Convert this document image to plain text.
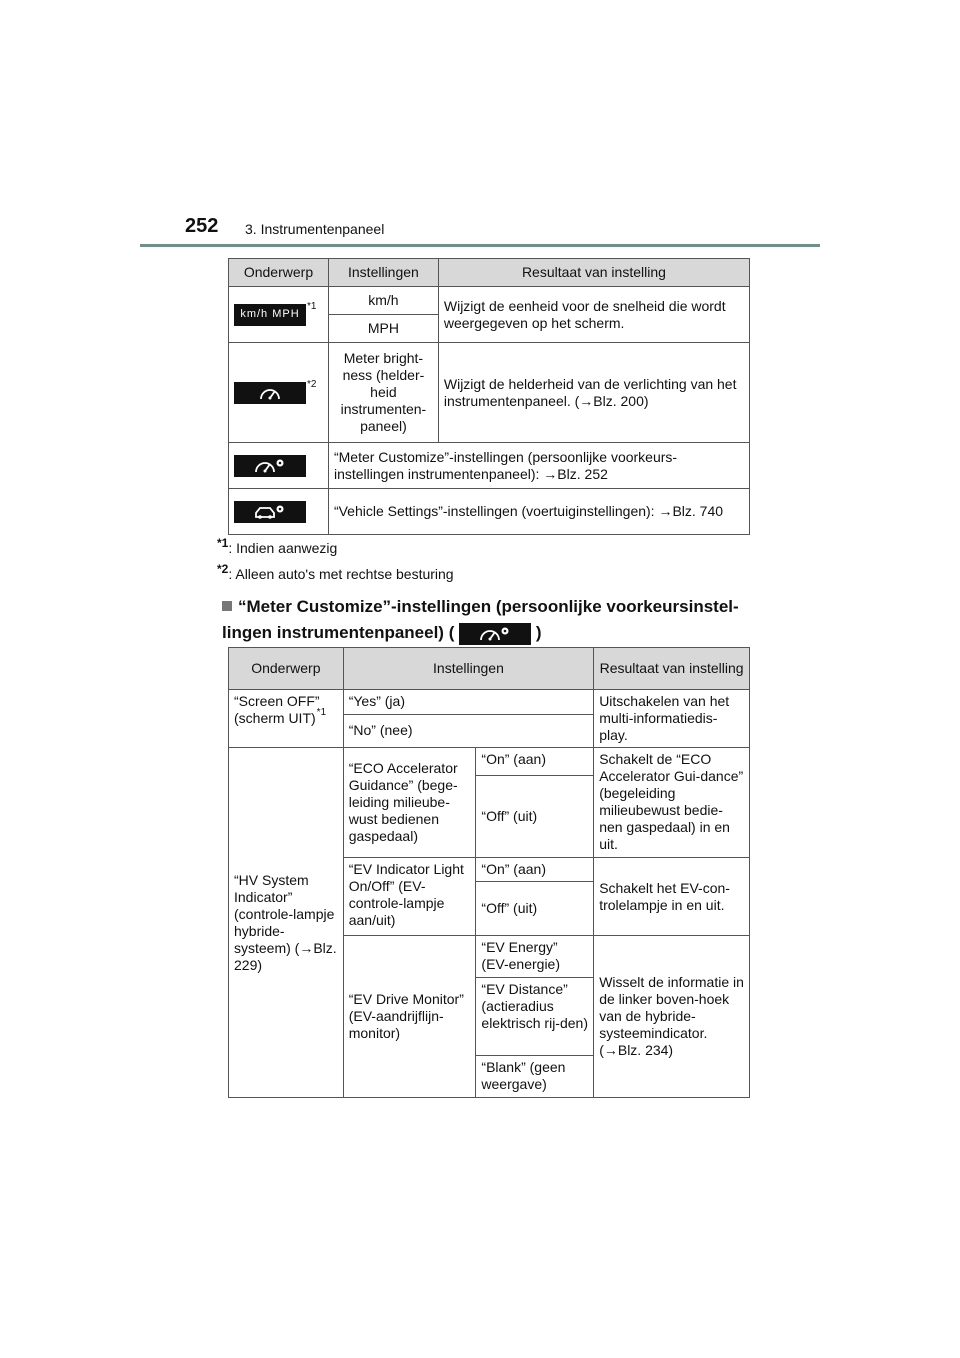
252 3. Instrumentenpaneel
Onderwerp	Instellingen	Resultaat van instelling

km/h MPH
$^{*1}$	km/h	Wijzigt de eenheid voor de snelheid die wordt weergegeven op het scherm.
	MPH	

$^{*2}$	Meter bright-ness (helder-heid instrumenten-paneel)	Wijzigt de helderheid van de verlichting van het instrumentenpaneel. (→Blz. 200)

	“Meter Customize”-instellingen (persoonlijke voorkeurs-instellingen instrumentenpaneel): →Blz. 252	

	“Vehicle Settings”-instellingen (voertuiginstellingen): →Blz. 740	
*1: Indien aanwezig
*2: Alleen auto's met rechtse besturing
“Meter Customize”-instellingen (persoonlijke voorkeursinstel-lingen instrumentenpaneel) (	)
Onderwerp	Instellingen		Resultaat van instelling
“Screen OFF” (scherm UIT)$^{*1}$	“Yes” (ja)		Uitschakelen van het multi-informatiedis-play.
	“No” (nee)		
“HV System Indicator” (controle-lampje hybride-systeem) (→Blz. 229)	“ECO Accelerator Guidance” (bege-leiding milieube-wust bedienen gaspedaal)	“On” (aan)	Schakelt de “ECO Accelerator Gui-dance” (begeleiding milieubewust bedie-nen gaspedaal) in en uit.
		“Off” (uit)	
	“EV Indicator Light On/Off” (EV-controle-lampje aan/uit)	“On” (aan)	Schakelt het EV-con-trolelampje in en uit.
		“Off” (uit)	
	“EV Drive Monitor” (EV-aandrijflijn-monitor)	“EV Energy” (EV-energie)	Wisselt de informatie in de linker boven-hoek van de hybride-systeemindicator. (→Blz. 234)
		“EV Distance” (actieradius elektrisch rij-den)	
		“Blank” (geen weergave)	
